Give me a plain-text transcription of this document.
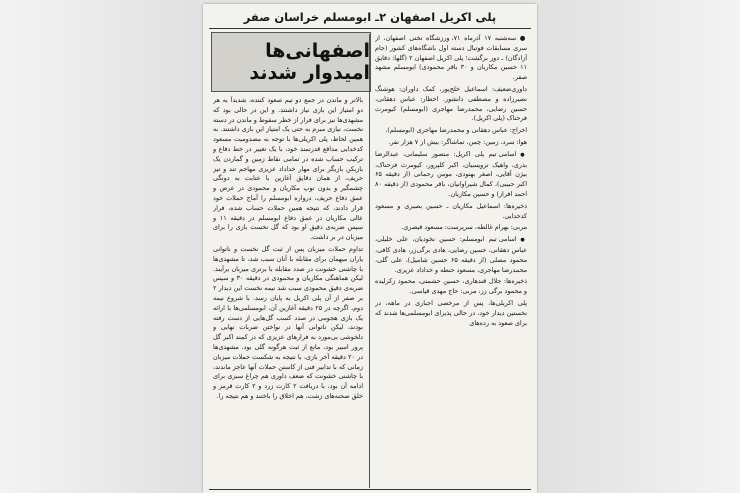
پلی اکریل اصفهان ۲ـ ابومسلم خراسان صفر
اصفهانی‌ها امیدوار شدند

● سه‌شنبه ۱۷ آذرماه ۷۱، ورزشگاه تختی اصفهان، از سری مسابقات فوتبال دسته اول باشگاه‌های کشور (جام آزادگان) ـ دور برگشت؛ پلی اکریل اصفهان ۲ (گلها: دقایق ۱۱ حسین مکاریان و ۳۰ باقر محمودی) ابومسلم مشهد صفر.

داوری‌ضعیف: اسماعیل خلج‌پور، کمک داوران: هوشنگ نصیرزاده و مصطفی دانشور. اخطار: عباس دهقانی، حسین رضایی، محمدرضا مهاجری (ابومسلم) کیومرث فرحناک (پلی اکریل).

اخراج: عباس دهقانی و محمدرضا مهاجری (ابومسلم).

هوا: سرد، زمین: چمن، تماشاگر: بیش از ۷ هزار نفر.

● اسامی تیم پلی اکریل: منصور سلیمانی، عبدالرضا بذری، واهیک ترویسیان، اکبر کلپرور، کیومرث فرحناک، بیژن آقایی، اصغر بهنودی، مومن رحمانی (از دقیقه ۶۵ اکبر حبیبی)، کمال شیراوانیان، باقر محمودی (از دقیقه ۸۰ احمد افراز) و حسین مکاریان.

ذخیره‌ها: اسماعیل مکاریان ـ حسین بصیری و مسعود کدخدایی.

مربی: بهرام غالطه، سرپرست: مسعود قیصری.

● اسامی تیم ابومسلم: حسین نخودیان، علی خلیلی، عباس دهقانی، حسین رضایی، هادی برگی‌زر، هادی کافی، محمود مصلی (از دقیقه ۶۵ حسین شامیل)، علی گلی، محمدرضا مهاجری، مسعود حنطه و خداداد عزیزی.

ذخیره‌ها: جلال قندهاری، حسین حشمتی، محمود زکرلیده و محمود برگی زر، مربی: حاج مهدی قیاسی.

پلی اکریلی‌ها، پس از مرخصی اجباری در ماهه، در نخستین دیدار خود، در حالی پذیرای ابومسلمی‌ها شدند که برای صعود به رده‌های

بالاتر و ماندن در جمع دو تیم صعود کننده، شدیداً به هر دو امتیاز این بازی نیاز داشتند. و این در حالی بود که مشهدی‌ها نیز برای فرار از خطر سقوط و ماندن در دسته نخست، نیازی مبرم به حتی یک امتیاز این بازی داشتند. به همین لحاظ، پلی اکریلی‌ها با توجه به مصدومیت مسعود کدخدایی مدافع قدرتمند خود، با یک تغییر در خط دفاع و ترکیب حساب شده در تمامی نقاط زمین و گماردن یک بازیکن بازیگر برای مهار خداداد عزیزی مهاجم تند و تیز حریف، از همان دقایق آغازین با عتابت به دونگی چشمگیر و بدون توپ مکاریان و محمودی در عرض و عمق دفاع حریف، دروازه ابومسلم را آماج حملات خود قرار دادند، که نتیجه همین حملات حساب شده، فرار عالی مکاریان در عمق دفاع ابومسلم در دقیقه ۱۱ و سپس ضربه‌ی دقیق او بود که گل نخست بازی را برای میزبان در بر داشت.

تداوم حملات میزبان پس از ثبت گل نخست و ناتوانی یاران میهمان برای مقابله با آنان سبب شد، تا مشهدی‌ها با چاشنی خشونت در صدد مقابله با برتری میزبان برآیند. لیکن هماهنگی مکاریان و محمودی در دقیقه ۳۰ و سپس ضربه‌ی دقیق محمودی سبب شد نیمه نخست این دیدار ۲ بر صفر از آن پلی اکریل به پایان رسد. با شروع نیمه دوم، اگرچه در ۲۵ دقیقه آغازین آن، ابومسلمی‌ها با ارائه یک بازی هجومی در صدد کسب گل‌هایی از دست رفته بودند، لیکن ناتوانی آنها در نواختن ضربات نهایی و دلخوشی بی‌مورد به فرارهای عزیزی که در کمند اکبر گل پرور اسیر بود، مانع از ثبت هرگونه گلی بود. مشهدی‌ها در ۲۰ دقیقه آخر بازی، با نتیجه به شکست حملات میزبان زمانی که با تدابیر فنی از کاستن حملات آنها عاجز ماندند، با چاشنی خشونت که ضعف داوری هم چراغ سبزی برای ادامه آن بود، با دریافت ۲ کارت زرد و ۲ کارت قرمز و خلق صحنه‌های زشت، هم اخلاق را باختند و هم نتیجه را.
